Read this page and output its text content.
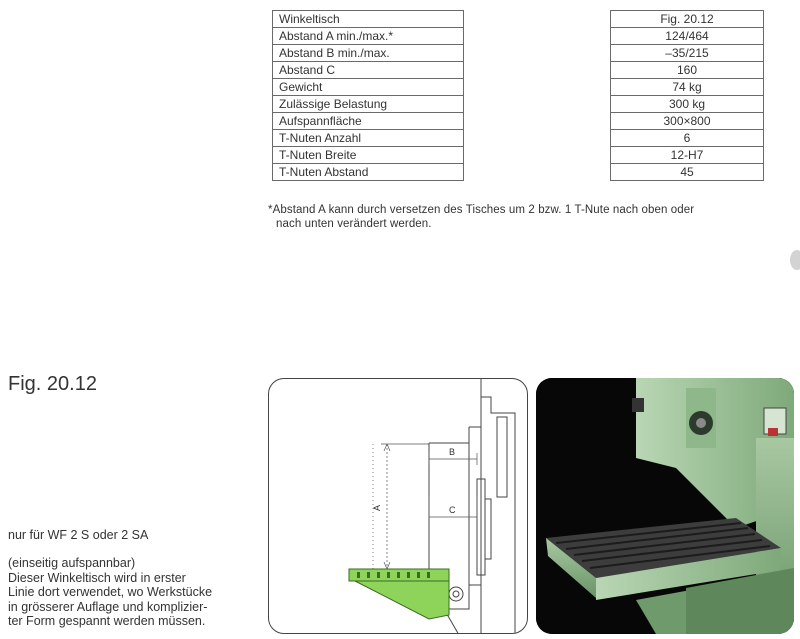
Winkeltisch		Fig. 20.12
Abstand A min./max.*		124/464
Abstand B min./max.		–35/215
Abstand C		160
Gewicht		74 kg
Zulässige Belastung		300 kg
Aufspannfläche		300×800
T-Nuten Anzahl		6
T-Nuten Breite		12-H7
T-Nuten Abstand		45
*Abstand A kann durch versetzen des Tisches um 2 bzw. 1 T-Nute nach oben oder
nach unten verändert werden.
Fig. 20.12
nur für WF 2 S oder 2 SA
(einseitig aufspannbar)
Dieser Winkeltisch wird in erster
Linie dort verwendet, wo Werkstücke
in grösserer Auflage und komplizier-
ter Form gespannt werden müssen.
A
B
C
